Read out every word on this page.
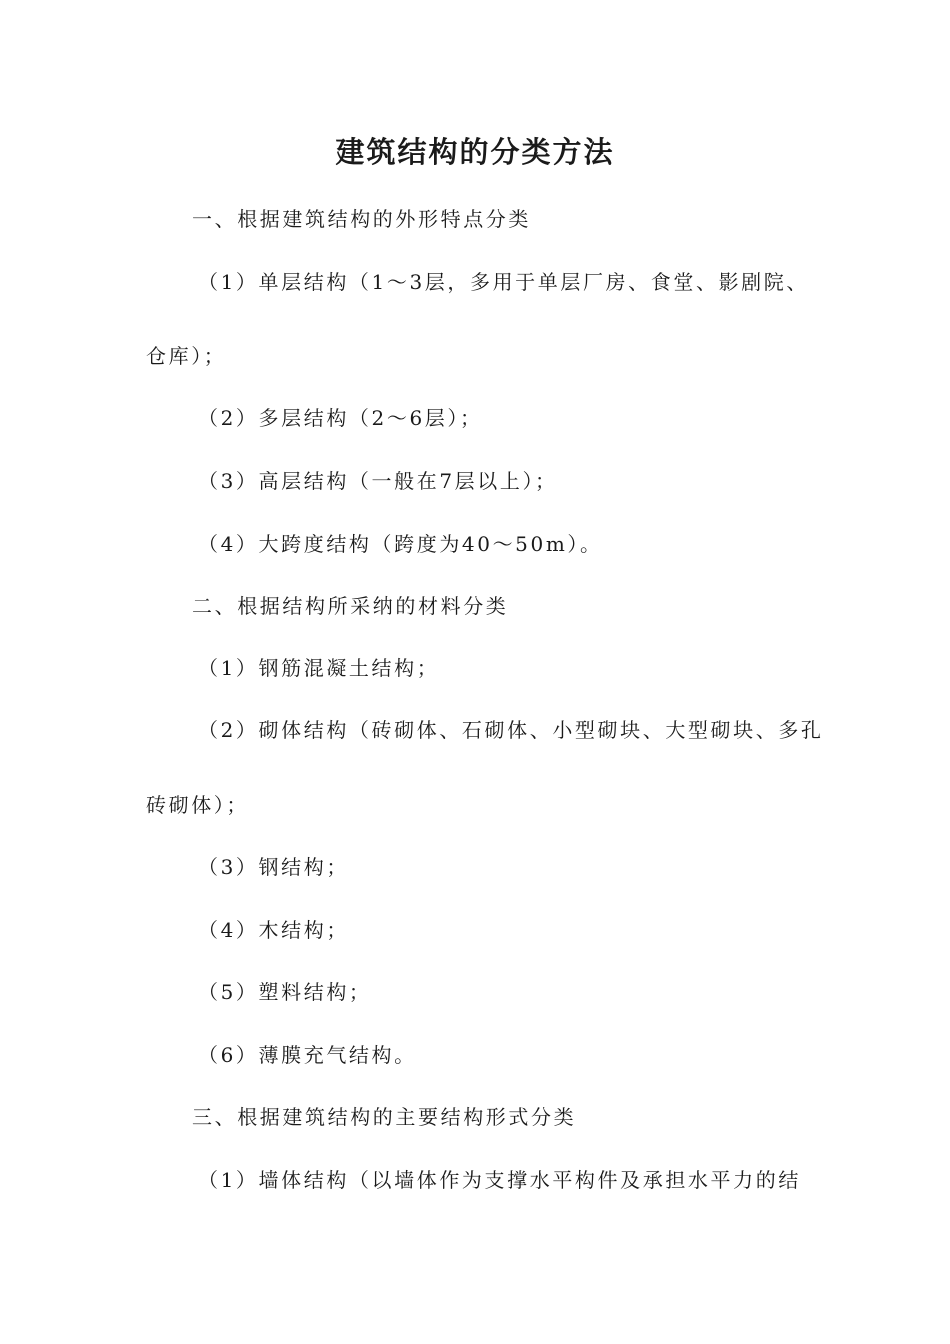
建筑结构的分类方法
一、根据建筑结构的外形特点分类
（1）单层结构（1～3层，多用于单层厂房、食堂、影剧院、
仓库）；
（2）多层结构（2～6层）；
（3）高层结构（一般在7层以上）；
（4）大跨度结构（跨度为40～50m）。
二、根据结构所采纳的材料分类
（1）钢筋混凝土结构；
（2）砌体结构（砖砌体、石砌体、小型砌块、大型砌块、多孔
砖砌体）；
（3）钢结构；
（4）木结构；
（5）塑料结构；
（6）薄膜充气结构。
三、根据建筑结构的主要结构形式分类
（1）墙体结构（以墙体作为支撑水平构件及承担水平力的结
